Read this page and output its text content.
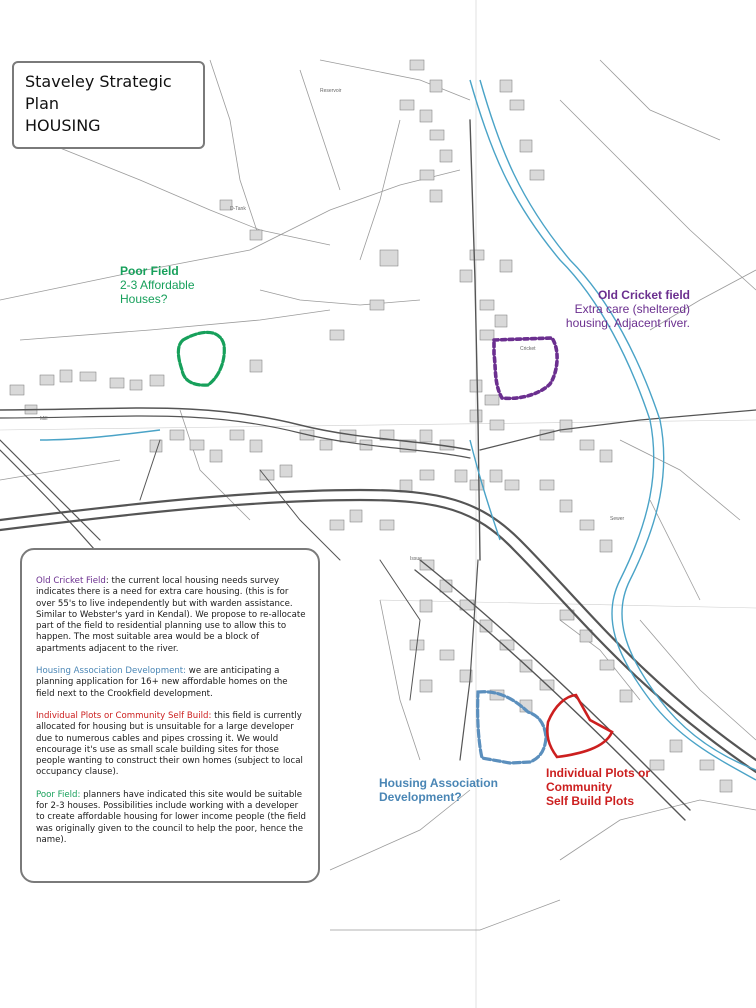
Reservoir
D-Tank
Cricket
Issue
Sewer
Mill
Staveley Strategic
Plan
HOUSING
Poor Field
2-3 Affordable
Houses?	Old Cricket field
Extra care (sheltered)
housing. Adjacent river.
Housing Association
Development?
Individual Plots or
Community
Self Build Plots

Old Cricket Field: the current local housing needs survey indicates there is a need for extra care housing. (this is for over 55's to live independently but with warden assistance. Similar to Webster's yard in Kendal). We propose to re-allocate part of the field to residential planning use to allow this to happen. The most suitable area would be a block of apartments adjacent to the river.

Housing Association Development: we are anticipating a planning application for 16+ new affordable homes on the field next to the Crookfield development.

Individual Plots or Community Self Build: this field is currently allocated for housing but is unsuitable for a large developer due to numerous cables and pipes crossing it. We would encourage it's use as small scale building sites for those people wanting to construct their own homes (subject to local occupancy clause).

Poor Field: planners have indicated this site would be suitable for 2-3 houses. Possibilities include working with a developer to create affordable housing for lower income people (the field was originally given to the council to help the poor, hence the name).
